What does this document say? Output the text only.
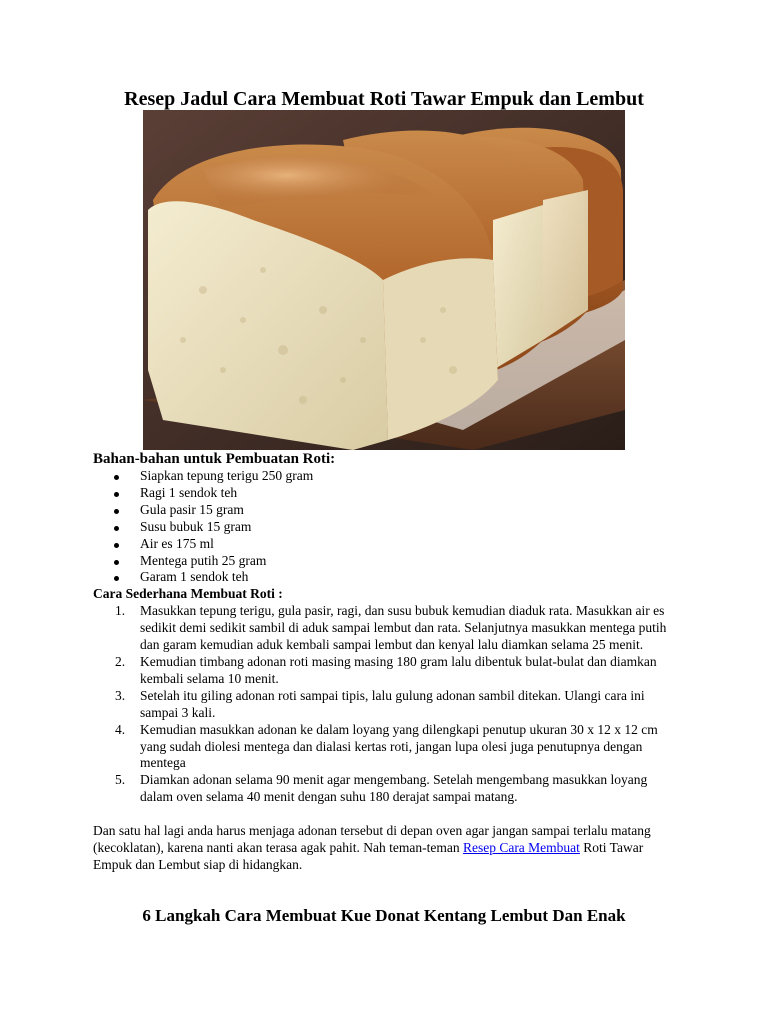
Resep Jadul Cara Membuat Roti Tawar Empuk dan Lembut

Bahan-bahan untuk Pembuatan Roti:

Siapkan tepung terigu 250 gram
Ragi 1 sendok teh
Gula pasir 15 gram
Susu bubuk 15 gram
Air es 175 ml
Mentega putih 25 gram
Garam 1 sendok teh

Cara Sederhana Membuat Roti :

1. Masukkan tepung terigu, gula pasir, ragi, dan susu bubuk kemudian diaduk rata. Masukkan air es sedikit demi sedikit sambil di aduk sampai lembut dan rata. Selanjutnya masukkan mentega putih dan garam kemudian aduk kembali sampai lembut dan kenyal lalu diamkan selama 25 menit.
2. Kemudian timbang adonan roti masing masing 180 gram lalu dibentuk bulat-bulat dan diamkan kembali selama 10 menit.
3. Setelah itu giling adonan roti sampai tipis, lalu gulung adonan sambil ditekan. Ulangi cara ini sampai 3 kali.
4. Kemudian masukkan adonan ke dalam loyang yang dilengkapi penutup ukuran 30 x 12 x 12 cm yang sudah diolesi mentega dan dialasi kertas roti, jangan lupa olesi juga penutupnya dengan mentega
5. Diamkan adonan selama 90 menit agar mengembang. Setelah mengembang masukkan loyang dalam oven selama 40 menit dengan suhu 180 derajat sampai matang.

Dan satu hal lagi anda harus menjaga adonan tersebut di depan oven agar jangan sampai terlalu matang (kecoklatan), karena nanti akan terasa agak pahit. Nah teman-teman Resep Cara Membuat Roti Tawar Empuk dan Lembut siap di hidangkan.

6 Langkah Cara Membuat Kue Donat Kentang Lembut Dan Enak
